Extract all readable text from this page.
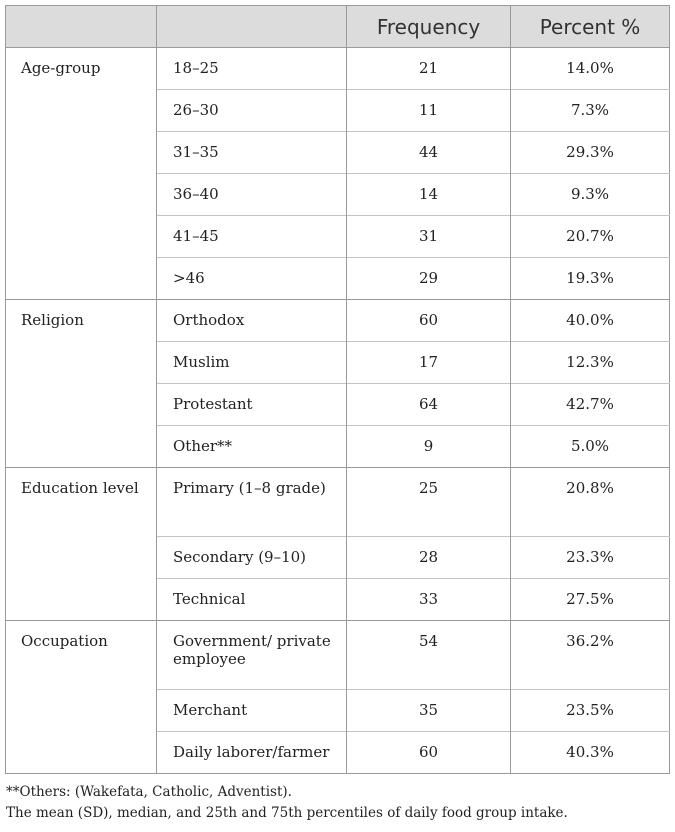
		Frequency	Percent %
Age-group	18–25	21	14.0%
	26–30	11	7.3%
	31–35	44	29.3%
	36–40	14	9.3%
	41–45	31	20.7%
	>46	29	19.3%
Religion	Orthodox	60	40.0%
	Muslim	17	12.3%
	Protestant	64	42.7%
	Other**	9	5.0%
Education level	Primary (1–8 grade)	25	20.8%
	Secondary (9–10)	28	23.3%
	Technical	33	27.5%
Occupation	Government/ private employee	54	36.2%
	Merchant	35	23.5%
	Daily laborer/farmer	60	40.3%
**Others: (Wakefata, Catholic, Adventist).
The mean (SD), median, and 25th and 75th percentiles of daily food group intake.
